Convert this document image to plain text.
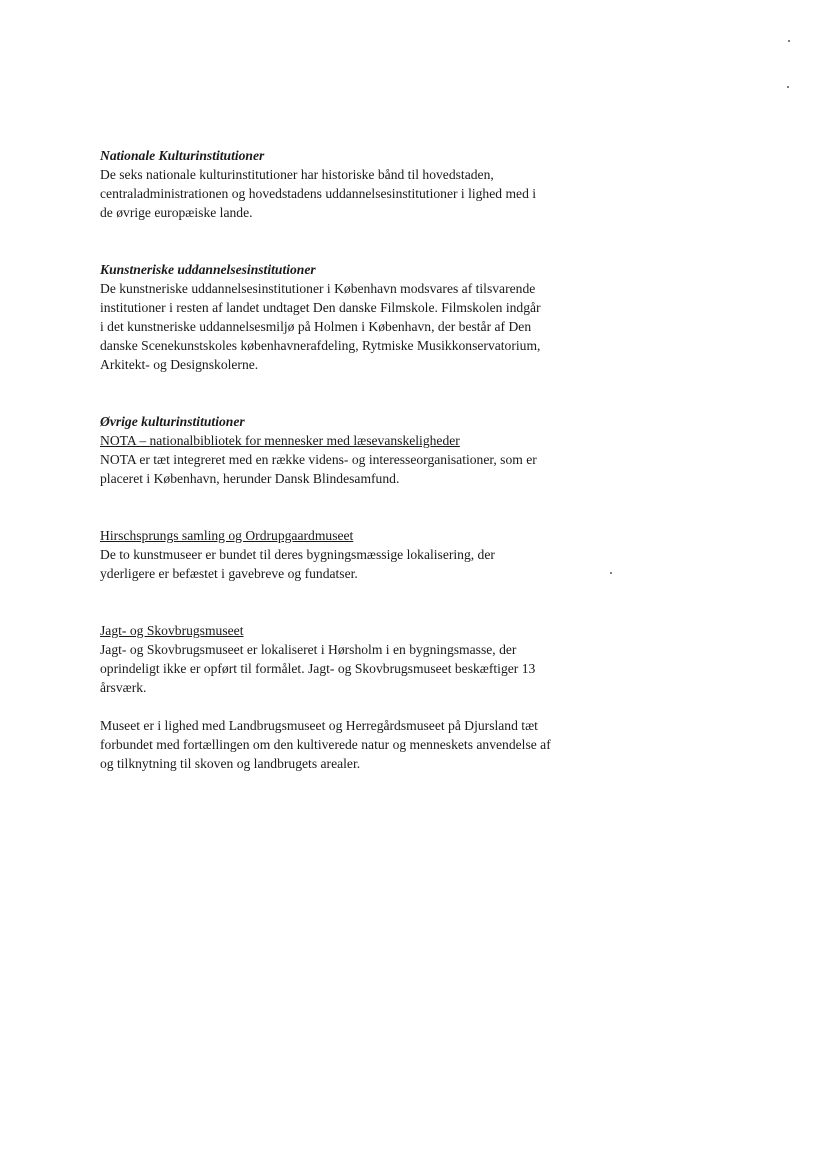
Nationale Kulturinstitutioner

De seks nationale kulturinstitutioner har historiske bånd til hovedstaden,
centraladministrationen og hovedstadens uddannelsesinstitutioner i lighed med i
de øvrige europæiske lande.

Kunstneriske uddannelsesinstitutioner

De kunstneriske uddannelsesinstitutioner i København modsvares af tilsvarende
institutioner i resten af landet undtaget Den danske Filmskole. Filmskolen indgår
i det kunstneriske uddannelsesmiljø på Holmen i København, der består af Den
danske Scenekunstskoles københavnerafdeling, Rytmiske Musikkonservatorium,
Arkitekt- og Designskolerne.

Øvrige kulturinstitutioner

NOTA – nationalbibliotek for mennesker med læsevanskeligheder

NOTA er tæt integreret med en række videns- og interesseorganisationer, som er
placeret i København, herunder Dansk Blindesamfund.

Hirschsprungs samling og Ordrupgaardmuseet

De to kunstmuseer er bundet til deres bygningsmæssige lokalisering, der
yderligere er befæstet i gavebreve og fundatser.

Jagt- og Skovbrugsmuseet

Jagt- og Skovbrugsmuseet er lokaliseret i Hørsholm i en bygningsmasse, der
oprindeligt ikke er opført til formålet. Jagt- og Skovbrugsmuseet beskæftiger 13
årsværk.

Museet er i lighed med Landbrugsmuseet og Herregårdsmuseet på Djursland tæt
forbundet med fortællingen om den kultiverede natur og menneskets anvendelse af
og tilknytning til skoven og landbrugets arealer.
